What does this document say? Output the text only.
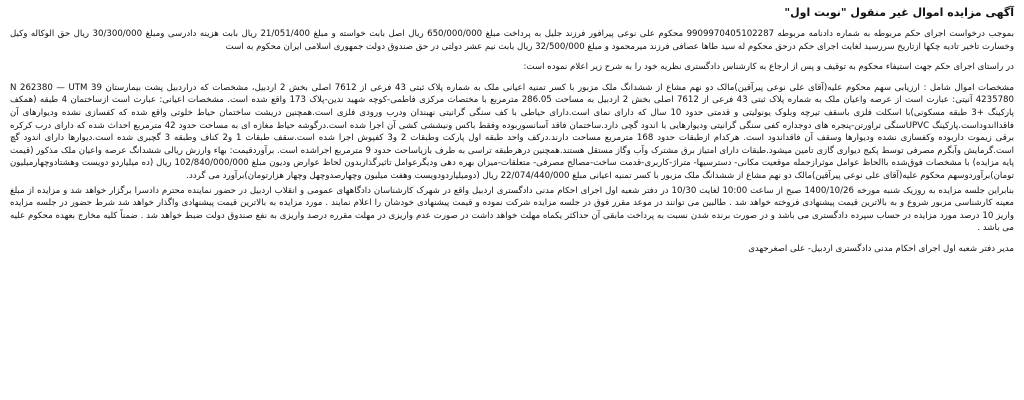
آگهی مزایده اموال غیر منقول "نوبت اول"

بموجب درخواست اجرای حکم مربوطه به شماره دادنامه مربوطه 9909970405102287 محکوم علی نوعی پیرافور فرزند جلیل به پرداخت مبلغ 650/000/000 ریال اصل بابت خواسته و مبلغ 21/051/400 ریال بابت هزینه دادرسی ومبلغ 30/300/000 ریال حق الوکاله وکیل وخسارت تاخیر تادیه چکها ازتاریخ سررسید لغایت اجرای حکم درحق محکوم له سید طاها عصافی فرزند میرمحمود و مبلغ 32/500/000 ریال بابت نیم عشر دولتی در حق صندوق دولت جمهوری اسلامی ایران محکوم به است

در راستای اجرای حکم جهت استیفاء محکوم به توقیف و پس از ارجاع به کارشناس دادگستری نظریه خود را به شرح زیر اعلام نموده است:

مشخصات اموال شامل : ارزیابی سهم محکوم علیه(آقای علی نوعی پیرآقین)مالک دو نهم مشاع از ششدانگ ملک مزبور با کسر تمنیه اعیانی ملک به شماره پلاک ثبتی 43 فرعی از 7612 اصلی بخش 2 اردبیل، مشخصات که دراردبیل پشت بیمارستان 39 N 262380 — UTM 4235780 آنیتی: عبارت است از عرصه واعیان ملک به شماره پلاک ثبتی 43 فرعی از 7612 اصلی بخش 2 اردبیل به مساحت 286.05 مترمربع با مختصات مرکزی فاطمی-کوچه شهید ندین-پلاک 173 واقع شده است. مشخصات اعیانی: عبارت است ازساختمان 4 طبقه (همکف پارکینگ +3 طبقه مسکونی)با اسکلت فلزی باسقف تیرچه وبلوک یونولیتی و قدمتی حدود 10 سال که دارای نمای است.دارای حیاطی با کف سنگی گرانیتی نهبندان ودرب ورودی فلزی است.همچنین دریشت ساختمان حیاط خلوتی واقع شده که کفسازی نشده ودیوارهای آن فاقدااندوداست.پارکینگ UPVCسنگی تراورتن-پنجره های دوجداره کفی سنگی گرانیتی ودیوارهایی با اندود گچی دارد.ساختمان فاقد آسانسوربوده وفقط باکس ونیششی کشی آن اجرا شده است.درگوشه حیاط مغازه ای به مساحت حدود 42 مترمربع احداث شده که دارای درب کرکره برقی زیموت داربوده وکفسازی نشده ودیوارها وسقف آن فاقداندود است. هرکدام ازطبقات حدود 168 مترمربع مساحت دارند.درکف واحد طبقه اول پارکت وطبقات 2 و3 کفپوش اجرا شده است.سقف طبقات 1 و2 کناف وطبقه 3 گچبری شده است.دیوارها دارای اندود گچ است.گرمایش وآبگرم مصرفی توسط پکیج دیواری گازی تامین میشود.طبقات دارای امتیاز برق مشترک وآب وگاز مستقل هستند.همچنین درهرطبقه تراسی به طرف بازیاساحت حدود 9 مترمربع اجراشده است. برآوردقیمت: بهاء وارزش ریالی ششدانگ عرصه واعیان ملک مذکور (قیمت پایه مزایده) با مشخصات فوق‌شده باالحاظ عوامل موثرازجمله موقعیت مکانی- دسترسیها- متراژ-کاربری-قدمت ساخت-مصالح مصرفی- متعلقات-میزان بهره دهی ودیگرعوامل تاثیرگذاربدون لحاظ عوارض ودیون مبلغ 102/840/000/000 ریال (ده میلیاردو دویست وهشتادوچهارمیلیون تومان)برآوردوسهم محکوم علیه(آقای علی نوعی پیرآقین)مالک دو نهم مشاع از ششدانگ ملک مزبور با کسر تمنیه اعیانی مبلغ 22/074/440/000 ریال (دومیلیاردودویست وهفت میلیون وچهارصدوچهل وچهار هزارتومان)برآورد می گردد.

بنابراین جلسه مزایده به روزیک شنبه مورخه 1400/10/26 صبح از ساعت 10:00 لغایت 10/30 در دفتر شعبه اول اجرای احکام مدنی دادگستری اردبیل واقع در شهرک کارشناسان دادگاههای عمومی و انقلاب اردبیل در حضور نماینده محترم دادسرا برگزار خواهد شد و مزایده از مبلغ معینه کارشناسی مزبور شروع و به بالاترین قیمت پیشنهادی فروخته خواهد شد . طالبین می توانند در موعد مقرر فوق در جلسه مزایده شرکت نموده و قیمت پیشنهادی خودشان را اعلام نمایند . مورد مزایده به بالاترین قیمت پیشنهادی واگذار خواهد شد شرط حضور در جلسه مزایده واریز 10 درصد مورد مزایده در حساب سپرده دادگستری می باشد و در صورت برنده شدن نسبت به پرداخت مابقی آن حداکثر یکماه مهلت خواهد داشت در صورت عدم واریزی در مهلت مقرره درصد واریزی به نفع صندوق دولت ضبط خواهد شد . ضمناً کلیه مخارج بعهده محکوم علیه می باشد .

مدیر دفتر شعبه اول اجرای احکام مدنی دادگستری اردبیل- علی اصغرجهدی
